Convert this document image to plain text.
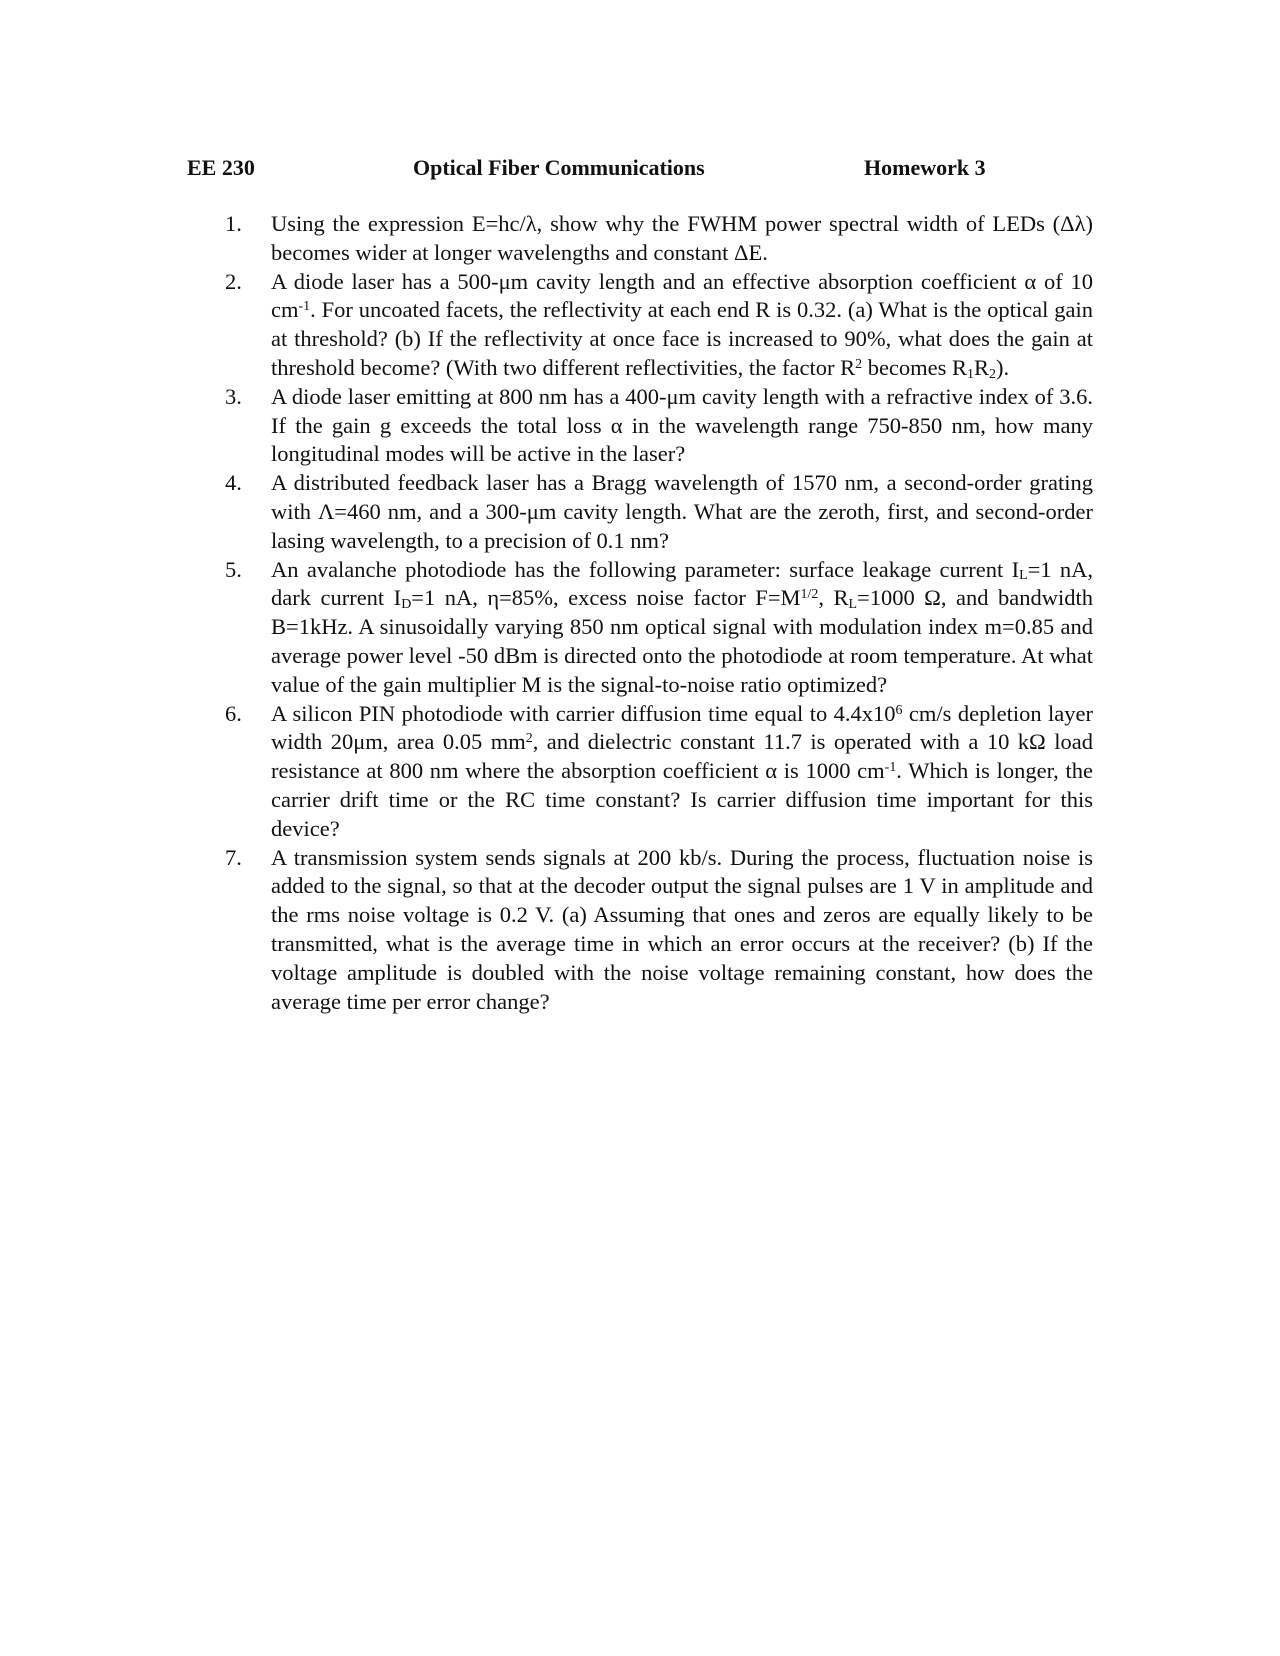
EE 230	Optical Fiber Communications	Homework 3
1. Using the expression E=hc/λ, show why the FWHM power spectral width of LEDs (Δλ) becomes wider at longer wavelengths and constant ΔE.
2. A diode laser has a 500-μm cavity length and an effective absorption coefficient α of 10 $cm^{-1}$. For uncoated facets, the reflectivity at each end R is 0.32. (a) What is the optical gain at threshold? (b) If the reflectivity at once face is increased to 90%, what does the gain at threshold become? (With two different reflectivities, the factor $R^2$ becomes $R_1R_2$).
3. A diode laser emitting at 800 nm has a 400-μm cavity length with a refractive index of 3.6. If the gain g exceeds the total loss α in the wavelength range 750-850 nm, how many longitudinal modes will be active in the laser?
4. A distributed feedback laser has a Bragg wavelength of 1570 nm, a second-order grating with Λ=460 nm, and a 300-μm cavity length. What are the zeroth, first, and second-order lasing wavelength, to a precision of 0.1 nm?
5. An avalanche photodiode has the following parameter: surface leakage current $I_L=1$ nA, dark current $I_D=1$ nA, η=85%, excess noise factor $F=M^{1/2}$, $R_L=1000$ Ω, and bandwidth B=1kHz. A sinusoidally varying 850 nm optical signal with modulation index m=0.85 and average power level -50 dBm is directed onto the photodiode at room temperature. At what value of the gain multiplier M is the signal-to-noise ratio optimized?
6. A silicon PIN photodiode with carrier diffusion time equal to $4.4x10^6$ cm/s depletion layer width 20μm, area 0.05 $mm^2$, and dielectric constant 11.7 is operated with a 10 kΩ load resistance at 800 nm where the absorption coefficient α is 1000 $cm^{-1}$. Which is longer, the carrier drift time or the RC time constant? Is carrier diffusion time important for this device?
7. A transmission system sends signals at 200 kb/s. During the process, fluctuation noise is added to the signal, so that at the decoder output the signal pulses are 1 V in amplitude and the rms noise voltage is 0.2 V. (a) Assuming that ones and zeros are equally likely to be transmitted, what is the average time in which an error occurs at the receiver? (b) If the voltage amplitude is doubled with the noise voltage remaining constant, how does the average time per error change?
